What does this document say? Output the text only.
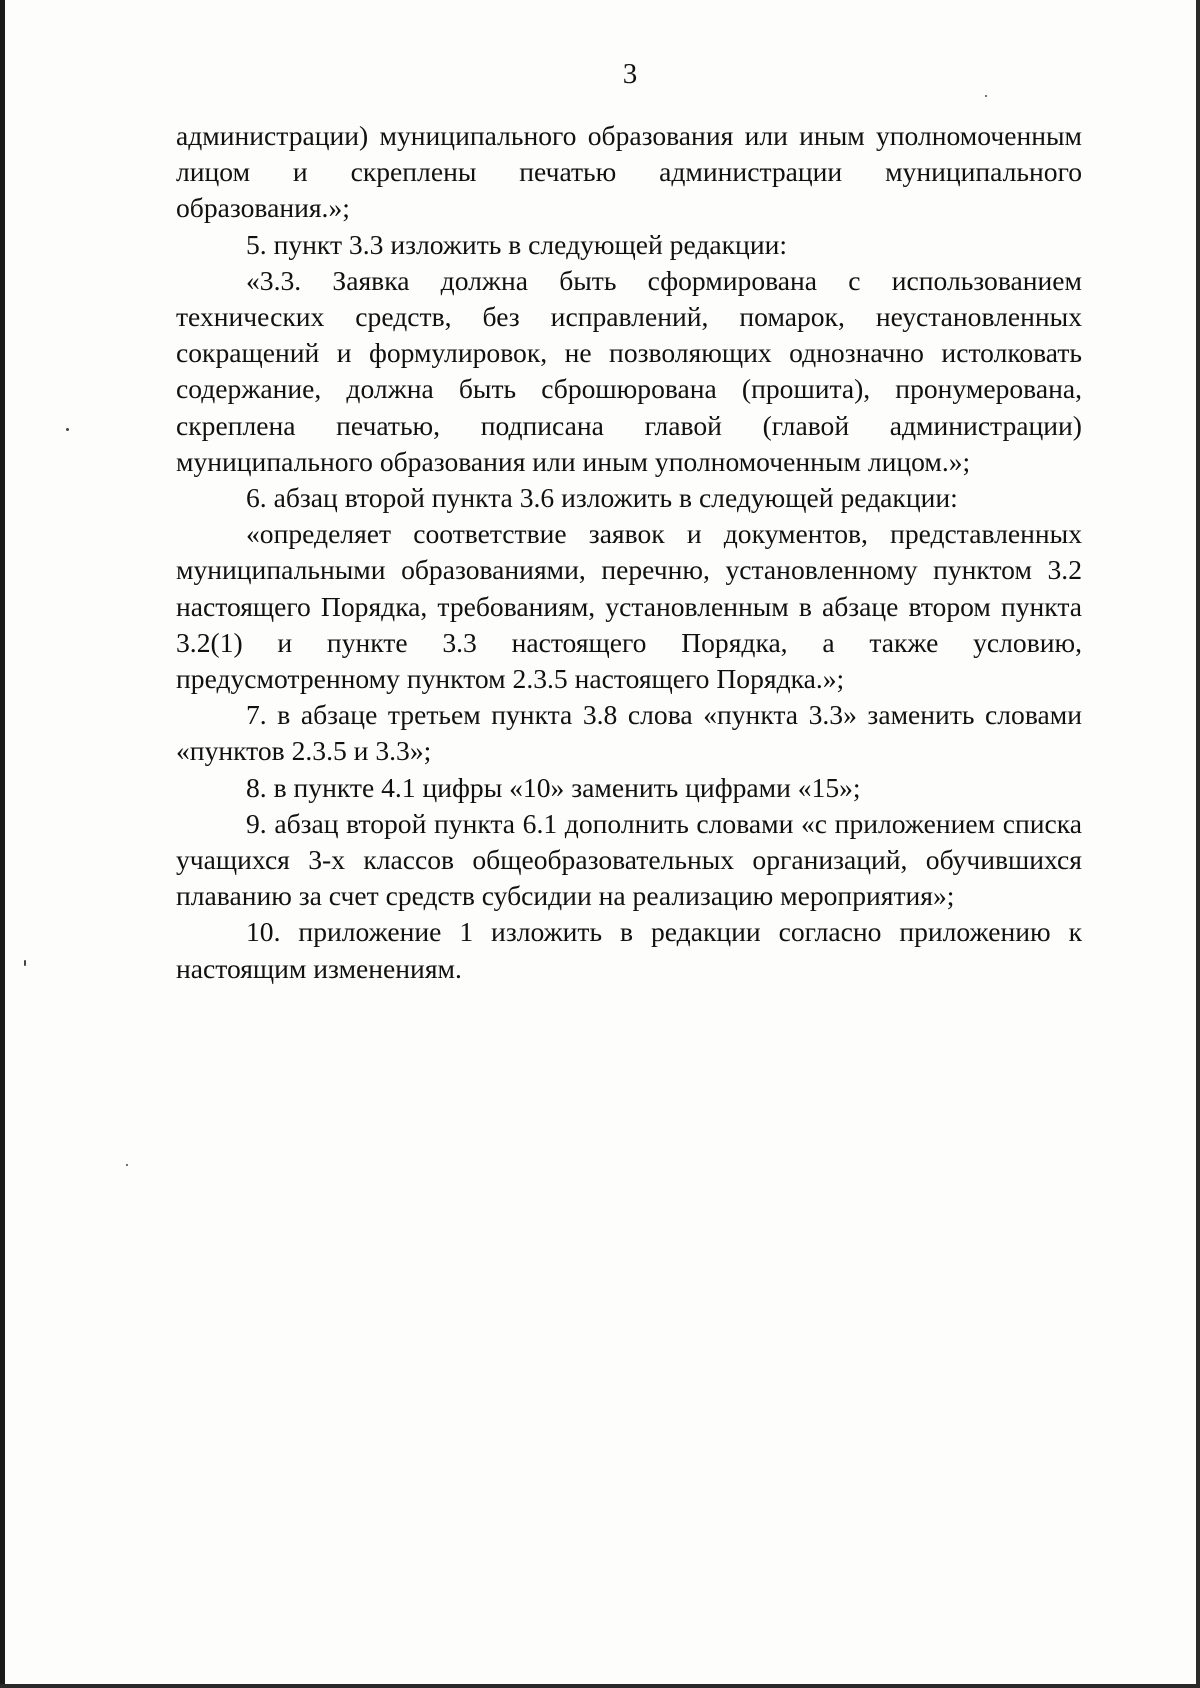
3

администрации) муниципального образования или иным уполномоченным лицом и скреплены печатью администрации муниципального образования.»;

5. пункт 3.3 изложить в следующей редакции:

«3.3. Заявка должна быть сформирована с использованием технических средств, без исправлений, помарок, неустановленных сокращений и формулировок, не позволяющих однозначно истолковать содержание, должна быть сброшюрована (прошита), пронумерована, скреплена печатью, подписана главой (главой администрации) муниципального образования или иным уполномоченным лицом.»;

6. абзац второй пункта 3.6 изложить в следующей редакции:

«определяет соответствие заявок и документов, представленных муниципальными образованиями, перечню, установленному пунктом 3.2 настоящего Порядка, требованиям, установленным в абзаце втором пункта 3.2(1) и пункте 3.3 настоящего Порядка, а также условию, предусмотренному пунктом 2.3.5 настоящего Порядка.»;

7. в абзаце третьем пункта 3.8 слова «пункта 3.3» заменить словами «пунктов 2.3.5 и 3.3»;

8. в пункте 4.1 цифры «10» заменить цифрами «15»;

9. абзац второй пункта 6.1 дополнить словами «с приложением списка учащихся 3-х классов общеобразовательных организаций, обучившихся плаванию за счет средств субсидии на реализацию мероприятия»;

10. приложение 1 изложить в редакции согласно приложению к настоящим изменениям.
